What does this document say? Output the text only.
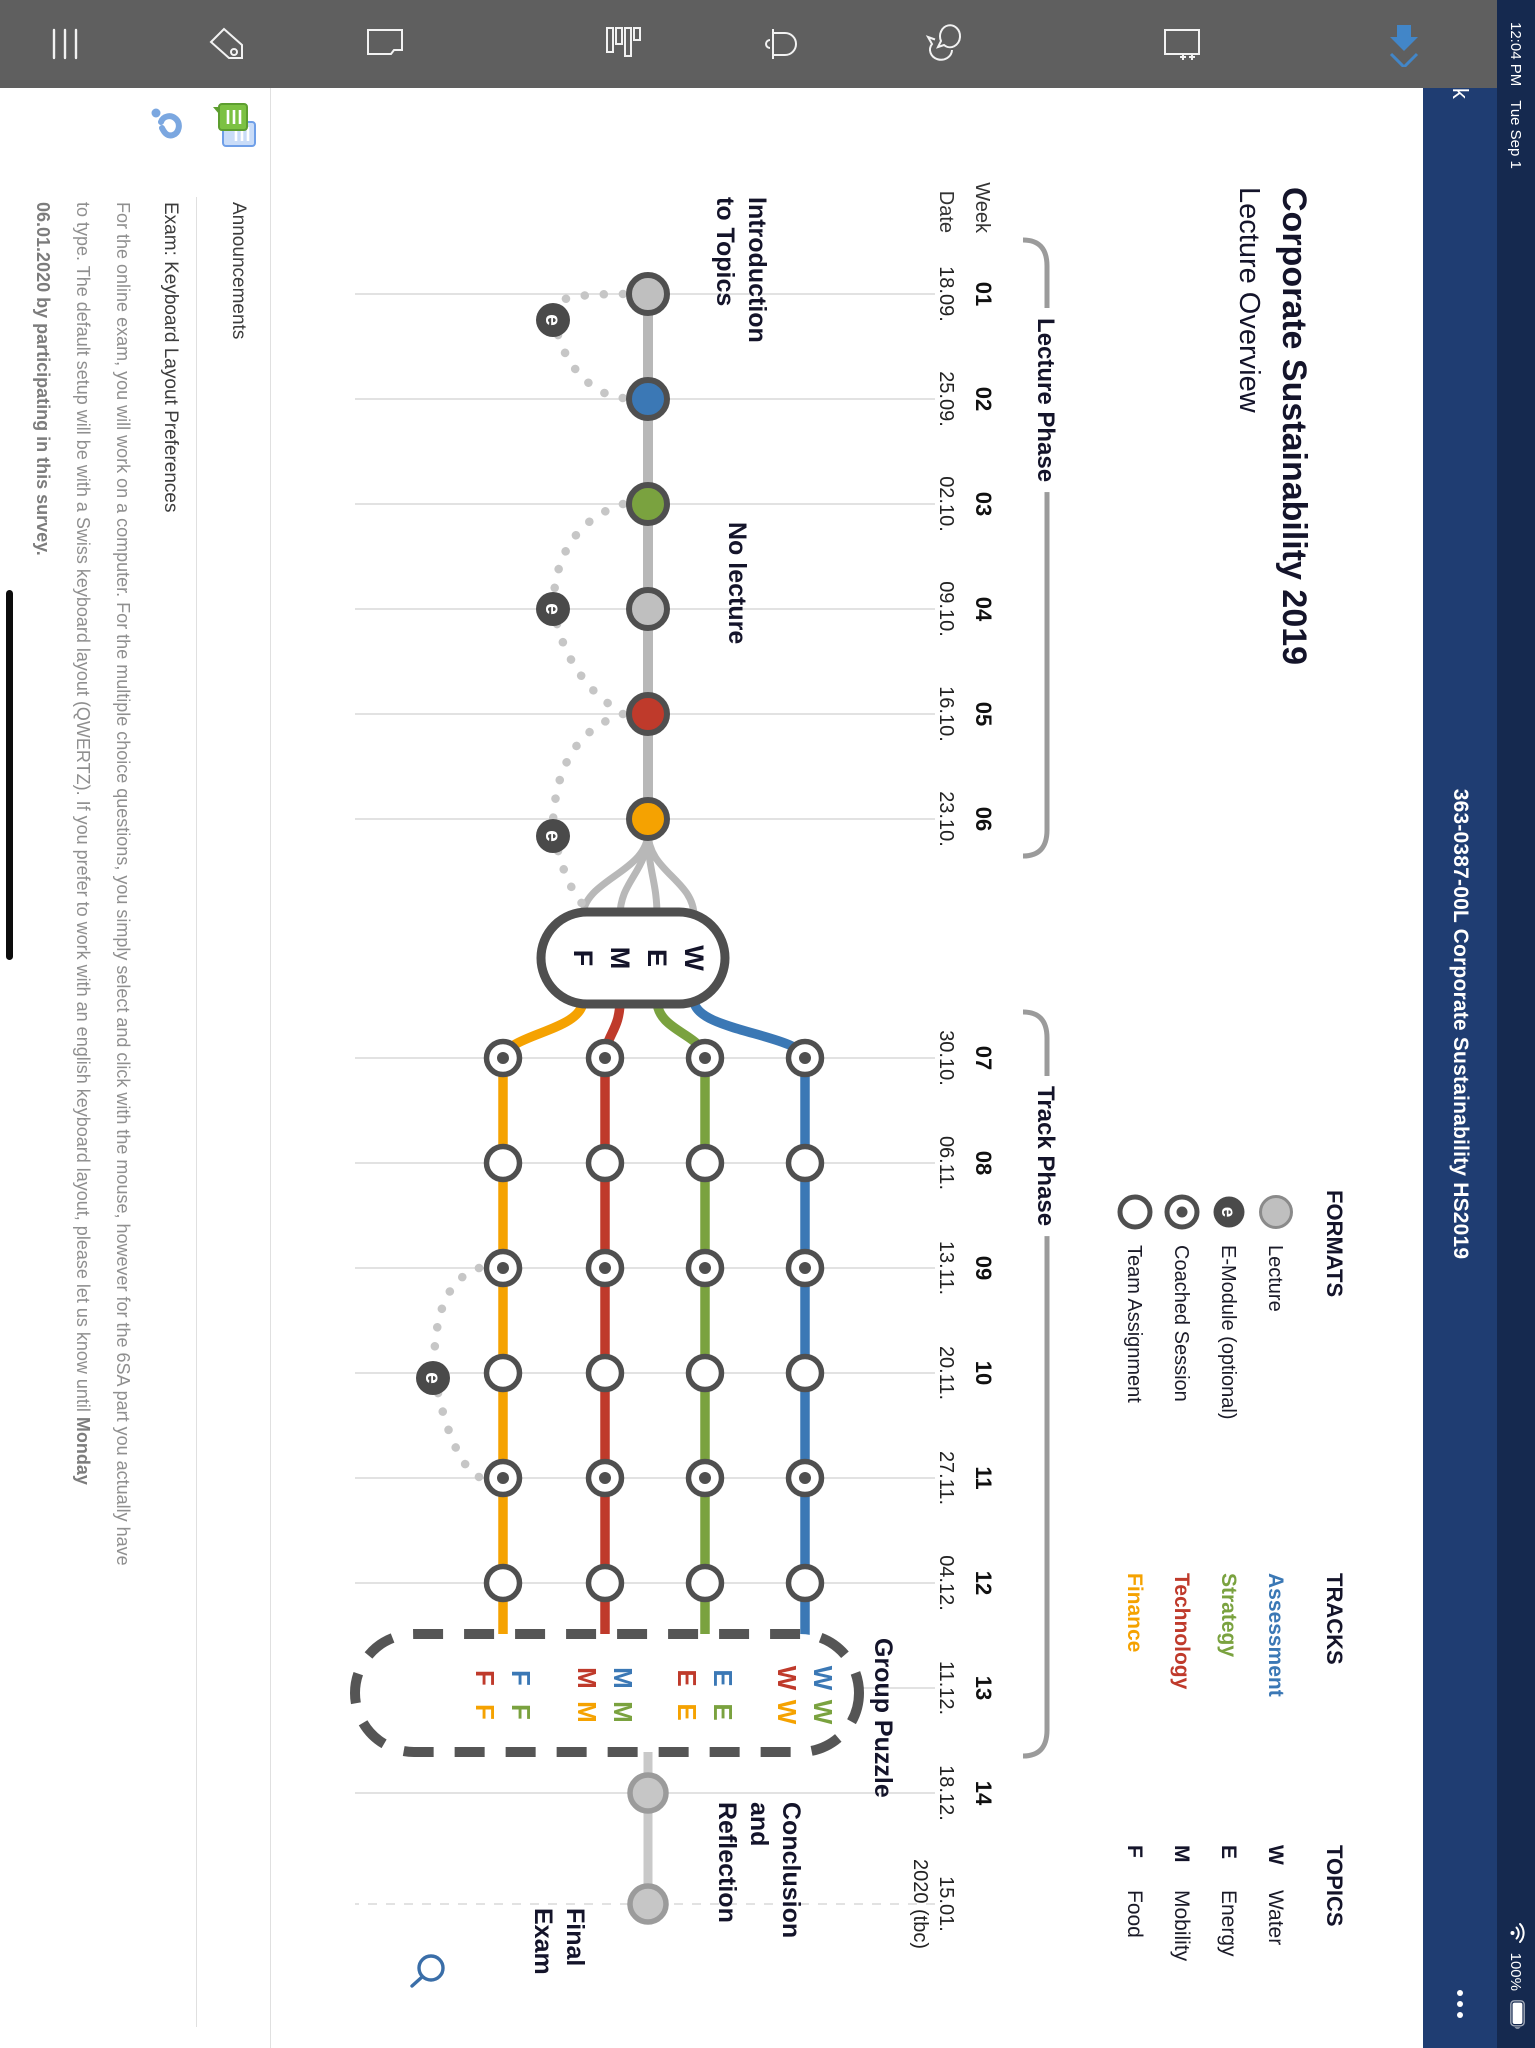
12:04 PM
Tue Sep 1
100%
363-0387-00L Corporate Sustainability HS2019
Corporate Sustainability 2019
Lecture Overview
Week
Date
01
18.09.
02
25.09.
03
02.10.
04
09.10.
05
16.10.
06
23.10.
07
30.10.
08
06.11.
09
13.11.
10
20.11.
11
27.11.
12
04.12.
13
11.12.
14
18.12.
15.01.
2020 (tbc)
Lecture Phase
Track Phase
e
e
e
e
W
E
M
F
W
W
W
W
E
E
E
E
M
M
M
M
F
F
F
F
Introduction
to Topics
No lecture
Group Puzzle
Conclusion
and
Reflection
Final
Exam
FORMATS
Lecture
e
E-Module (optional)
Coached Session
Team Assignment
TRACKS
Assessment
Strategy
Technology
Finance
TOPICS
W
Water
E
Energy
M
Mobility
F
Food
Announcements
Exam: Keyboard Layout Preferences
For the online exam, you will work on a computer. For the multiple choice questions, you simply select and click with the mouse, however for the 6SA part you actually have to type. The default setup will be with a Swiss keyboard layout (QWERTZ). If you prefer to work with an english keyboard layout, please let us know until Monday 06.01.2020 by participating in this survey.
